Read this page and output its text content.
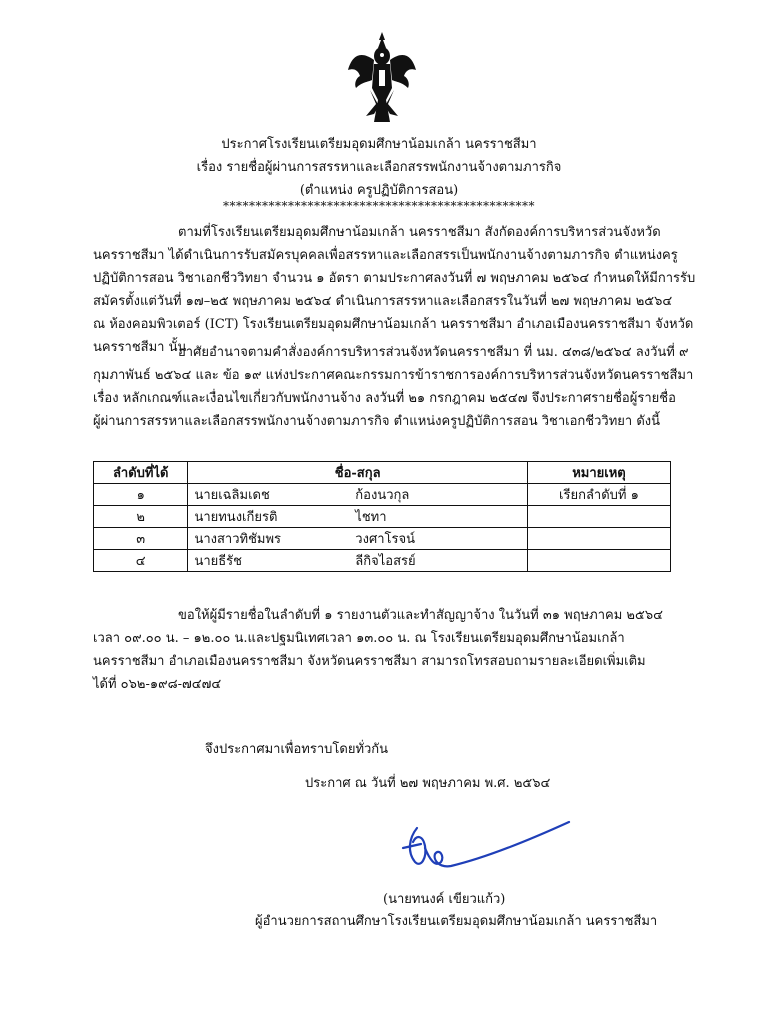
ประกาศโรงเรียนเตรียมอุดมศึกษาน้อมเกล้า นครราชสีมา
เรื่อง รายชื่อผู้ผ่านการสรรหาและเลือกสรรพนักงานจ้างตามภารกิจ
(ตำแหน่ง ครูปฏิบัติการสอน)
************************************************

ตามที่โรงเรียนเตรียมอุดมศึกษาน้อมเกล้า นครราชสีมา สังกัดองค์การบริหารส่วนจังหวัด

นครราชสีมา ได้ดำเนินการรับสมัครบุคคลเพื่อสรรหาและเลือกสรรเป็นพนักงานจ้างตามภารกิจ ตำแหน่งครู

ปฏิบัติการสอน วิชาเอกชีววิทยา จำนวน ๑ อัตรา ตามประกาศลงวันที่ ๗ พฤษภาคม ๒๕๖๔ กำหนดให้มีการรับ

สมัครตั้งแต่วันที่ ๑๗–๒๕ พฤษภาคม ๒๕๖๔ ดำเนินการสรรหาและเลือกสรรในวันที่ ๒๗ พฤษภาคม ๒๕๖๔

ณ ห้องคอมพิวเตอร์ (ICT) โรงเรียนเตรียมอุดมศึกษาน้อมเกล้า นครราชสีมา อำเภอเมืองนครราชสีมา จังหวัด

นครราชสีมา นั้น

อาศัยอำนาจตามคำสั่งองค์การบริหารส่วนจังหวัดนครราชสีมา ที่ นม. ๔๓๘/๒๕๖๔ ลงวันที่ ๙

กุมภาพันธ์ ๒๕๖๔ และ ข้อ ๑๙ แห่งประกาศคณะกรรมการข้าราชการองค์การบริหารส่วนจังหวัดนครราชสีมา

เรื่อง หลักเกณฑ์และเงื่อนไขเกี่ยวกับพนักงานจ้าง ลงวันที่ ๒๑ กรกฎาคม ๒๕๔๗ จึงประกาศรายชื่อผู้รายชื่อ

ผู้ผ่านการสรรหาและเลือกสรรพนักงานจ้างตามภารกิจ ตำแหน่งครูปฏิบัติการสอน วิชาเอกชีววิทยา ดังนี้

ลำดับที่ได้	ชื่อ-สกุล		หมายเหตุ
๑	นายเฉลิมเดช	ก้องนวกุล	เรียกลำดับที่ ๑
๒	นายทนงเกียรติ	ไชทา	
๓	นางสาวทิชัมพร	วงศาโรจน์	
๔	นายธีรัช	ลีกิจไอสรย์	

ขอให้ผู้มีรายชื่อในลำดับที่ ๑ รายงานตัวและทำสัญญาจ้าง ในวันที่ ๓๑ พฤษภาคม ๒๕๖๔

เวลา ๐๙.๐๐ น. – ๑๒.๐๐ น.และปฐมนิเทศเวลา ๑๓.๐๐ น. ณ โรงเรียนเตรียมอุดมศึกษาน้อมเกล้า

นครราชสีมา อำเภอเมืองนครราชสีมา จังหวัดนครราชสีมา สามารถโทรสอบถามรายละเอียดเพิ่มเติม

ได้ที่ ๐๖๒-๑๙๘-๗๔๗๔

จึงประกาศมาเพื่อทราบโดยทั่วกัน
ประกาศ ณ วันที่ ๒๗ พฤษภาคม พ.ศ. ๒๕๖๔
(นายทนงค์ เขียวแก้ว)
ผู้อำนวยการสถานศึกษาโรงเรียนเตรียมอุดมศึกษาน้อมเกล้า นครราชสีมา
